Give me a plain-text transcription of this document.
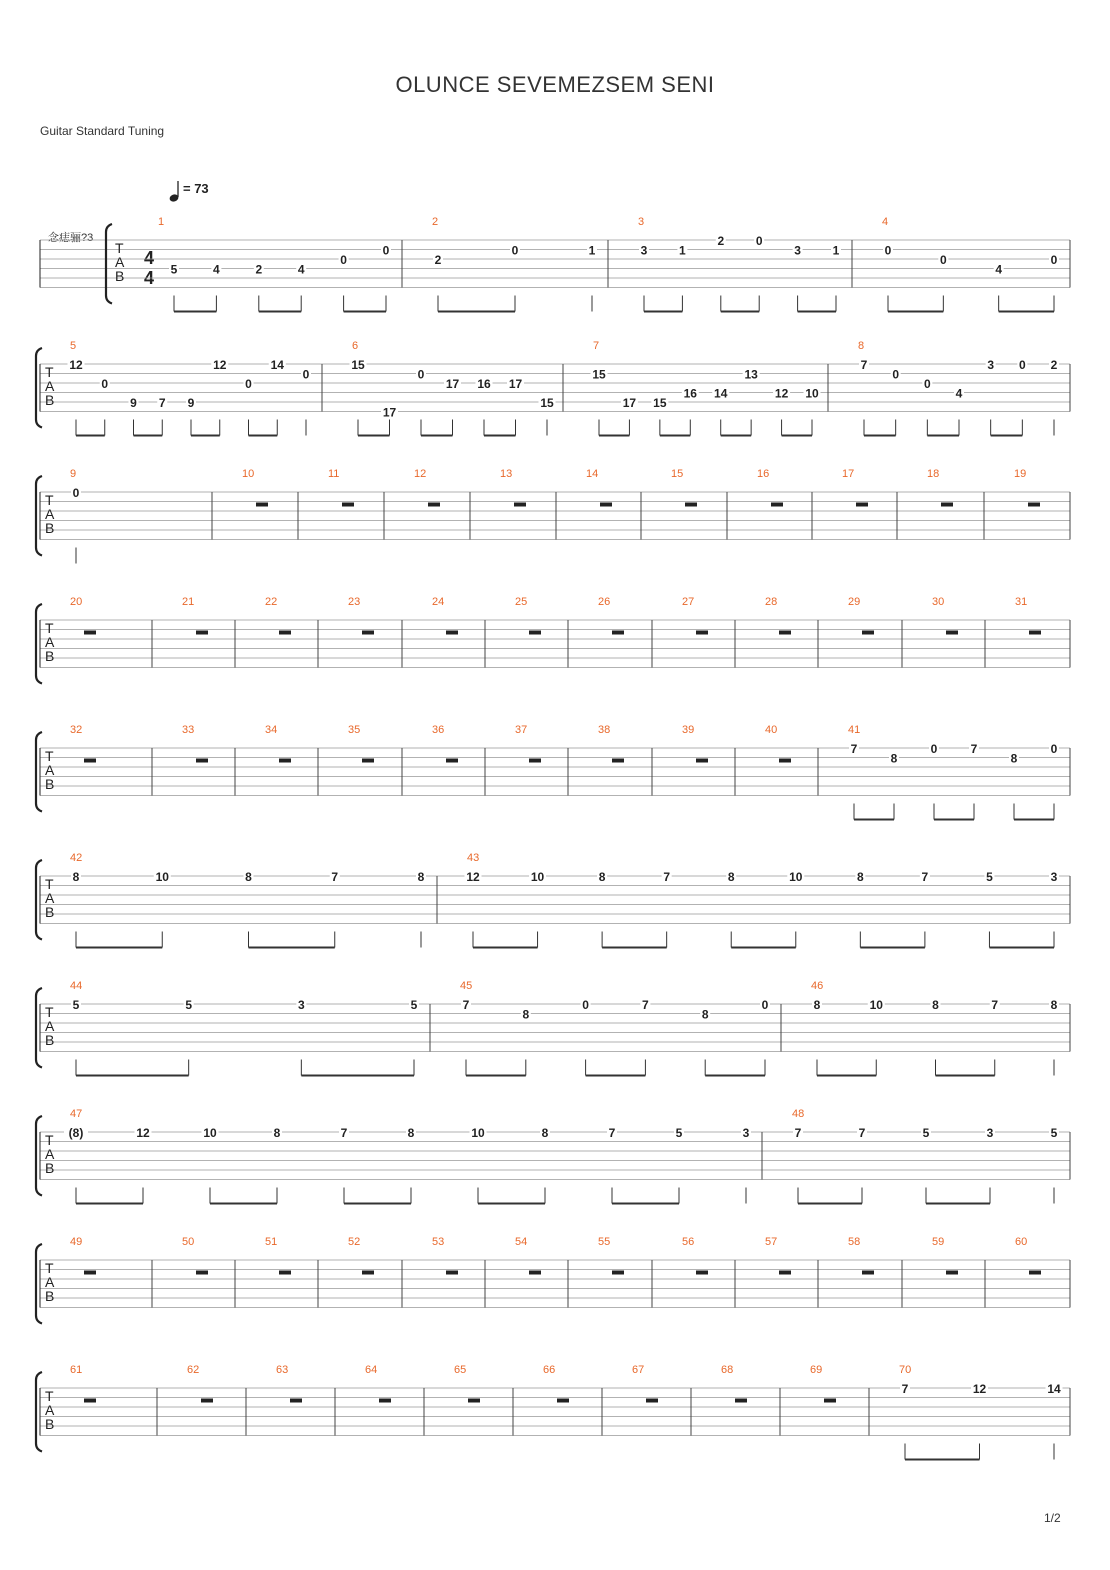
OLUNCE SEVEMEZSEM SENI
Guitar Standard Tuning
1/2
= 73
念痣骊?3
4
4
T
A
B
1
5	4	2	4
0
0
2
2
0	1
3
3	1
2	0
3	1
4
0
0
4
0
T
A
B
5
12
0
9 7 9
12
0
14
0
6
15
17
0
17 16 17
15
7
15
17 15
16 14
13
12 10
8
7
0
0
4
3 0 2
T
A
B
9
0
10	11	12	13	14	15	16	17	18	19
T
A
B
20	21	22	23	24	25	26	27	28	29	30	31
T
A
B
32	33	34	35	36	37	38	39	40	41
7
8
0	7
8
0
T
A
B
42
8	10	8	7	8
43
12	10	8	7	8	10	8	7	5	3
T
A
B
44
5	5	3	5
45
7
8
0	7
8
0
46
8	10	8	7	8
T
A
B
47
(8)	12	10	8	7	8	10	8	7	5	3
48
7	7	5	3	5
T
A
B
49	50	51	52	53	54	55	56	57	58	59	60
T
A
B
61	62	63	64	65	66	67	68	69	70
7	12	14
